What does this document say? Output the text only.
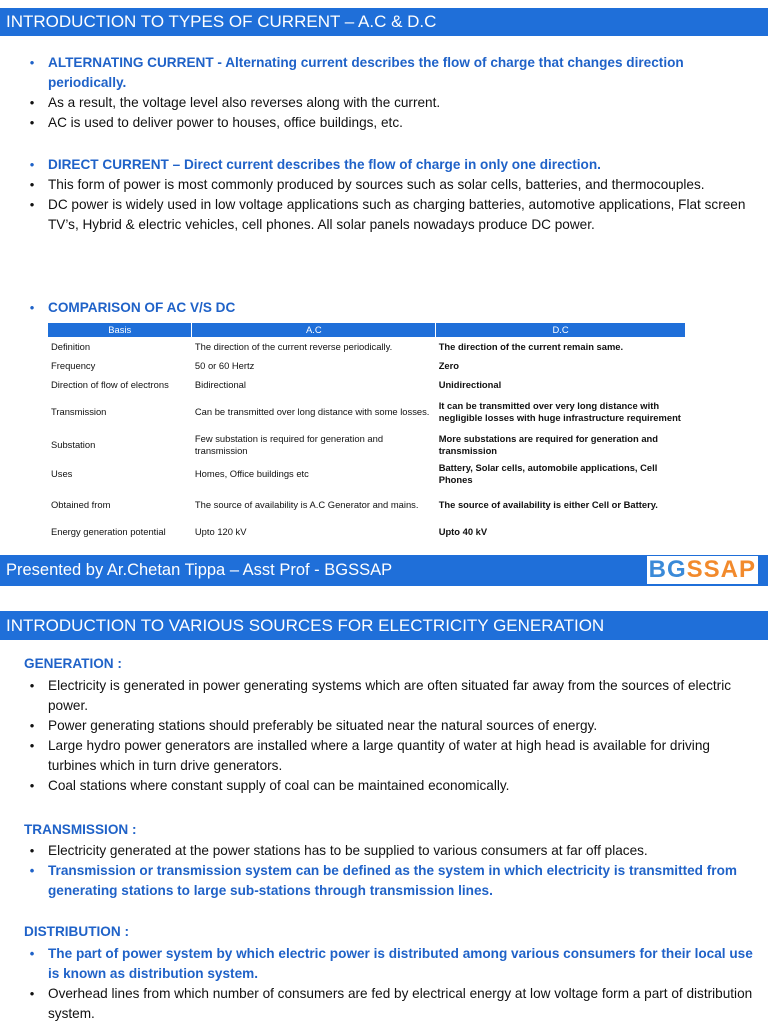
INTRODUCTION TO TYPES OF CURRENT – A.C & D.C
•	ALTERNATING CURRENT - Alternating current describes the flow of charge that changes direction periodically.
•	As a result, the voltage level also reverses along with the current.
•	AC is used to deliver power to houses, office buildings, etc.
•	DIRECT CURRENT – Direct current describes the flow of charge in only one direction.
•	This form of power is most commonly produced by sources such as solar cells, batteries, and thermocouples.
•	DC power is widely used in low voltage applications such as charging batteries, automotive applications, Flat screen TV’s, Hybrid & electric vehicles, cell phones. All solar panels nowadays produce DC power.
•	COMPARISON OF AC V/S DC
Basis	A.C	D.C
Definition	The direction of the current reverse periodically.	The direction of the current remain same.
Frequency	50 or 60 Hertz	Zero
Direction of flow of electrons	Bidirectional	Unidirectional
Transmission	Can be transmitted over long distance with some losses.	It can be transmitted over very long distance with negligible losses with huge infrastructure requirement
Substation	Few substation is required for generation and transmission	More substations are required for generation and transmission
Uses	Homes, Office buildings etc	Battery, Solar cells, automobile applications, Cell Phones
Obtained from	The source of availability is A.C Generator and mains.	The source of availability is either Cell or Battery.
Energy generation potential	Upto 120 kV	Upto 40 kV
Presented by Ar.Chetan Tippa – Asst Prof - BGSSAP	BGSSAP
INTRODUCTION TO VARIOUS SOURCES FOR ELECTRICITY GENERATION
GENERATION :
•	Electricity is generated in power generating systems which are often situated far away from the sources of electric power.
•	Power generating stations should preferably be situated near the natural sources of energy.
•	Large hydro power generators are installed where a large quantity of water at high head is available for driving turbines which in turn drive generators.
•	Coal stations where constant supply of coal can be maintained economically.
TRANSMISSION :
•	Electricity generated at the power stations has to be supplied to various consumers at far off places.
•	Transmission or transmission system can be defined as the system in which electricity is transmitted from generating stations to large sub-stations through transmission lines.
DISTRIBUTION :
•	The part of power system by which electric power is distributed among various consumers for their local use is known as distribution system.
•	Overhead lines from which number of consumers are fed by electrical energy at low voltage form a part of distribution system.
